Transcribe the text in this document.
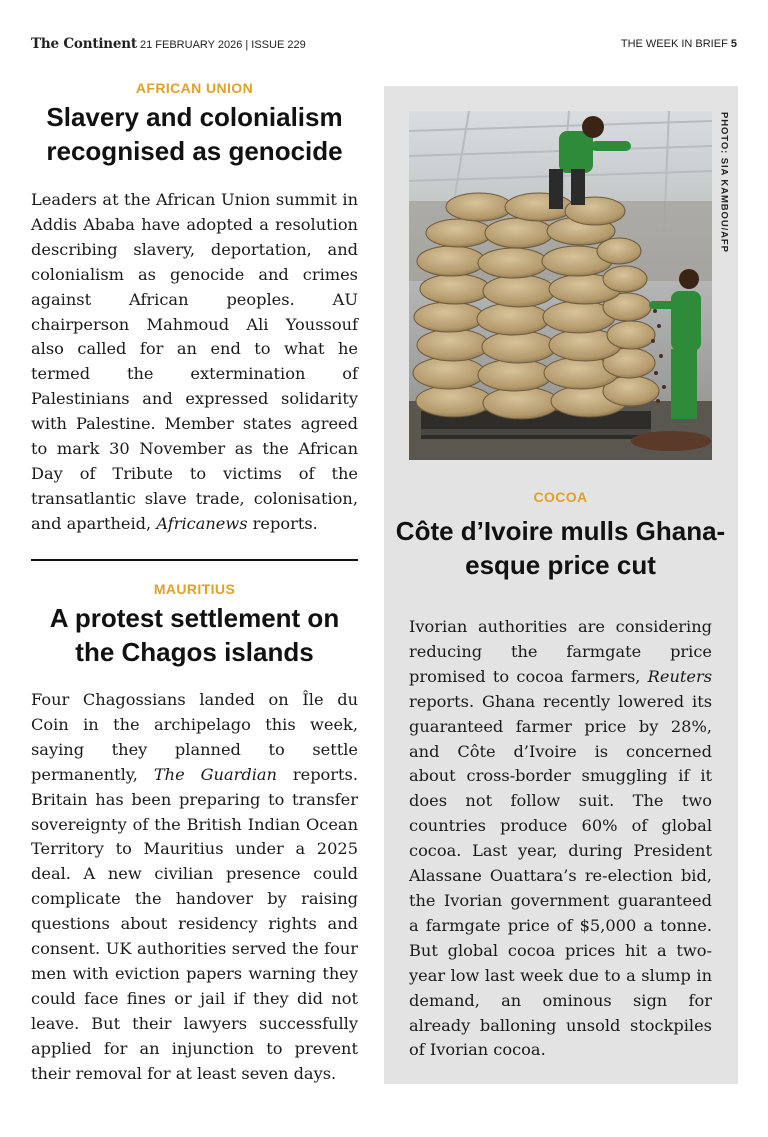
The Continent 21 FEBRUARY 2026 | ISSUE 229	THE WEEK IN BRIEF 5
AFRICAN UNION
Slavery and colonialism recognised as genocide
Leaders at the African Union summit in Addis Ababa have adopted a resolution describing slavery, deportation, and colonialism as genocide and crimes against African peoples. AU chairperson Mahmoud Ali Youssouf also called for an end to what he termed the extermination of Palestinians and expressed solidarity with Palestine. Member states agreed to mark 30 November as the African Day of Tribute to victims of the transatlantic slave trade, colonisation, and apartheid, Africanews reports.
MAURITIUS
A protest settlement on the Chagos islands
Four Chagossians landed on Île du Coin in the archipelago this week, saying they planned to settle permanently, The Guardian reports. Britain has been preparing to transfer sovereignty of the British Indian Ocean Territory to Mauritius under a 2025 deal. A new civilian presence could complicate the handover by raising questions about residency rights and consent. UK authorities served the four men with eviction papers warning they could face fines or jail if they did not leave. But their lawyers successfully applied for an injunction to prevent their removal for at least seven days.
PHOTO: SIA KAMBOU/AFP
COCOA
Côte d’Ivoire mulls Ghana-esque price cut
Ivorian authorities are considering reducing the farmgate price promised to cocoa farmers, Reuters reports. Ghana recently lowered its guaranteed farmer price by 28%, and Côte d’Ivoire is concerned about cross-border smuggling if it does not follow suit. The two countries produce 60% of global cocoa. Last year, during President Alassane Ouattara’s re-election bid, the Ivorian government guaranteed a farmgate price of $5,000 a tonne. But global cocoa prices hit a two-year low last week due to a slump in demand, an ominous sign for already balloning unsold stockpiles of Ivorian cocoa.
